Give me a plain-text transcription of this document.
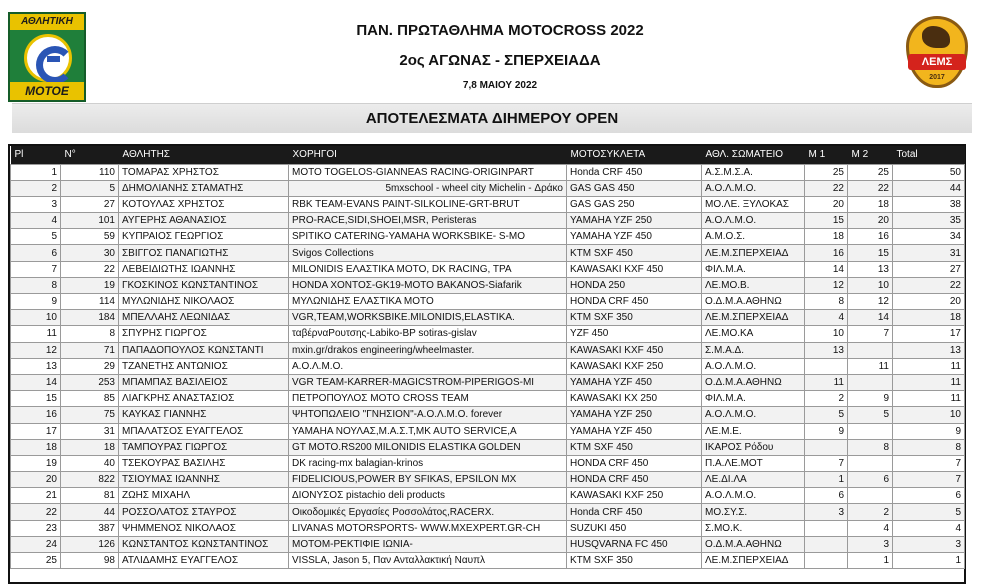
ΑΘΛΗΤΙΚΗ
ΜΟΤΟΕ
ΛΕΜΣ
2017
ΠΑΝ. ΠΡΩΤΑΘΛΗΜΑ MOTOCROSS 2022
2ος ΑΓΩΝΑΣ - ΣΠΕΡΧΕΙΑΔΑ
7,8 ΜΑΙΟΥ 2022
ΑΠΟΤΕΛΕΣΜΑΤΑ ΔΙΗΜΕΡΟΥ OPEN
Pl	N°	ΑΘΛΗΤΗΣ	ΧΟΡΗΓΟΙ	ΜΟΤΟΣΥΚΛΕΤΑ	ΑΘΛ. ΣΩΜΑΤΕΙΟ	Μ 1	Μ 2	Total
1	110	ΤΟΜΑΡΑΣ ΧΡΗΣΤΟΣ	MOTO TOGELOS-GIANNEAS RACING-ORIGINPART	Honda CRF 450	Α.Σ.Μ.Σ.Α.	25	25	50
2	5	ΔΗΜΟΛΙΑΝΗΣ ΣΤΑΜΑΤΗΣ	5mxschool - wheel city Michelin - Δράκο	GAS GAS 450	Α.Ο.Λ.Μ.Ο.	22	22	44
3	27	ΚΟΤΟΥΛΑΣ ΧΡΗΣΤΟΣ	RBK TEAM-EVANS PAINT-SILKOLINE-GRT-BRUT	GAS GAS 250	ΜΟ.ΛΕ. ΞΥΛΟΚΑΣ	20	18	38
4	101	ΑΥΓΕΡΗΣ ΑΘΑΝΑΣΙΟΣ	PRO-RACE,SIDI,SHOEI,MSR, Peristeras	YAMAHA YZF 250	Α.Ο.Λ.Μ.Ο.	15	20	35
5	59	ΚΥΠΡΑΙΟΣ ΓΕΩΡΓΙΟΣ	SPITIKO CATERING-YAMAHA WORKSBIKE- S-MO	YAMAHA YZF 450	Α.Μ.Ο.Σ.	18	16	34
6	30	ΣΒΙΓΓΟΣ ΠΑΝΑΓΙΩΤΗΣ	Svigos Collections	KTM SXF 450	ΛΕ.Μ.ΣΠΕΡΧΕΙΑΔ	16	15	31
7	22	ΛΕΒΕΙΔΙΩΤΗΣ ΙΩΑΝΝΗΣ	MILONIDIS ΕΛΑΣΤΙΚΑ ΜΟΤΟ, DK RACING, TPA	KAWASAKI KXF 450	ΦΙΛ.Μ.Α.	14	13	27
8	19	ΓΚΟΣΚΙΝΟΣ ΚΩΝΣΤΑΝΤΙΝΟΣ	HONDA ΧΟΝΤΟΣ-GK19-MOTO BAKANOS-Siafarik	HONDA 250	ΛΕ.ΜΟ.Β.	12	10	22
9	114	ΜΥΛΩΝΙΔΗΣ ΝΙΚΟΛΑΟΣ	ΜΥΛΩΝΙΔΗΣ ΕΛΑΣΤΙΚΑ ΜΟΤΟ	HONDA CRF 450	Ο.Δ.Μ.Α.ΑΘΗΝΩ	8	12	20
10	184	ΜΠΕΛΛΑΗΣ ΛΕΩΝΙΔΑΣ	VGR,TEAM,WORKSBIKE.MILONIDIS,ELASTIKA.	KTM SXF 350	ΛΕ.Μ.ΣΠΕΡΧΕΙΑΔ	4	14	18
11	8	ΣΠΥΡΗΣ ΓΙΩΡΓΟΣ	ταβέρναΡουτσης-Labiko-BP sotiras-gislav	YZF 450	ΛΕ.ΜΟ.ΚΑ	10	7	17
12	71	ΠΑΠΑΔΟΠΟΥΛΟΣ ΚΩΝΣΤΑΝΤΙ	mxin.gr/drakos engineering/wheelmaster.	KAWASAKI KXF 450	Σ.Μ.Α.Δ.	13		13
13	29	ΤΖΑΝΕΤΗΣ ΑΝΤΩΝΙΟΣ	Α.Ο.Λ.Μ.Ο.	KAWASAKI KXF 250	Α.Ο.Λ.Μ.Ο.		11	11
14	253	ΜΠΑΜΠΑΣ ΒΑΣΙΛΕΙΟΣ	VGR TEAM-KARRER-MAGICSTROM-PIPERIGOS-MI	YAMAHA YZF 450	Ο.Δ.Μ.Α.ΑΘΗΝΩ	11		11
15	85	ΛΙΑΓΚΡΗΣ ΑΝΑΣΤΑΣΙΟΣ	ΠΕΤΡΟΠΟΥΛΟΣ MOTO CROSS TEAM	KAWASAKI KX 250	ΦΙΛ.Μ.Α.	2	9	11
16	75	ΚΑΥΚΑΣ ΓΙΑΝΝΗΣ	ΨΗΤΟΠΩΛΕΙΟ "ΓΝΗΣΙΟΝ"-Α.Ο.Λ.Μ.Ο. forever	YAMAHA YZF 250	Α.Ο.Λ.Μ.Ο.	5	5	10
17	31	ΜΠΑΛΑΤΣΟΣ ΕΥΑΓΓΕΛΟΣ	YAMAHA ΝΟΥΛΑΣ,Μ.Α.Σ.Τ,MK AUTO SERVICE,A	YAMAHA YZF 450	ΛΕ.Μ.Ε.	9		9
18	18	ΤΑΜΠΟΥΡΑΣ ΓΙΩΡΓΟΣ	GT MOTO.RS200 MILONIDIS ELASTIKA GOLDEN	KTM SXF 450	ΙΚΑΡΟΣ Ρόδου		8	8
19	40	ΤΣΕΚΟΥΡΑΣ ΒΑΣΙΛΗΣ	DK racing-mx balagian-krinos	HONDA CRF 450	Π.Α.ΛΕ.ΜΟΤ	7		7
20	822	ΤΣΙΟΥΜΑΣ ΙΩΑΝΝΗΣ	FIDELICIOUS,POWER BY SFIKAS, EPSILON MX	HONDA CRF 450	ΛΕ.ΔΙ.ΛΑ	1	6	7
21	81	ΖΩΗΣ ΜΙΧΑΗΛ	ΔΙΟΝΥΣΟΣ pistachio deli products	KAWASAKI KXF 250	Α.Ο.Λ.Μ.Ο.	6		6
22	44	ΡΟΣΣΟΛΑΤΟΣ ΣΤΑΥΡΟΣ	Οικοδομικές Εργασίες Ροσσολάτος,RACERX.	Honda CRF 450	ΜΟ.ΣΥ.Σ.	3	2	5
23	387	ΨΗΜΜΕΝΟΣ ΝΙΚΟΛΑΟΣ	LIVANAS MOTORSPORTS- WWW.MXEXPERT.GR-CH	SUZUKI 450	Σ.ΜΟ.Κ.		4	4
24	126	ΚΩΝΣΤΑΝΤΟΣ ΚΩΝΣΤΑΝΤΙΝΟΣ	ΜΟΤΟΜ-ΡΕΚΤΙΦΙΕ ΙΩΝΙΑ-	HUSQVARNA FC 450	Ο.Δ.Μ.Α.ΑΘΗΝΩ		3	3
25	98	ΑΤΛΙΔΑΜΗΣ ΕΥΑΓΓΕΛΟΣ	VISSLA, Jason 5, Παν Ανταλλακτική Ναυπλ	KTM SXF 350	ΛΕ.Μ.ΣΠΕΡΧΕΙΑΔ		1	1
